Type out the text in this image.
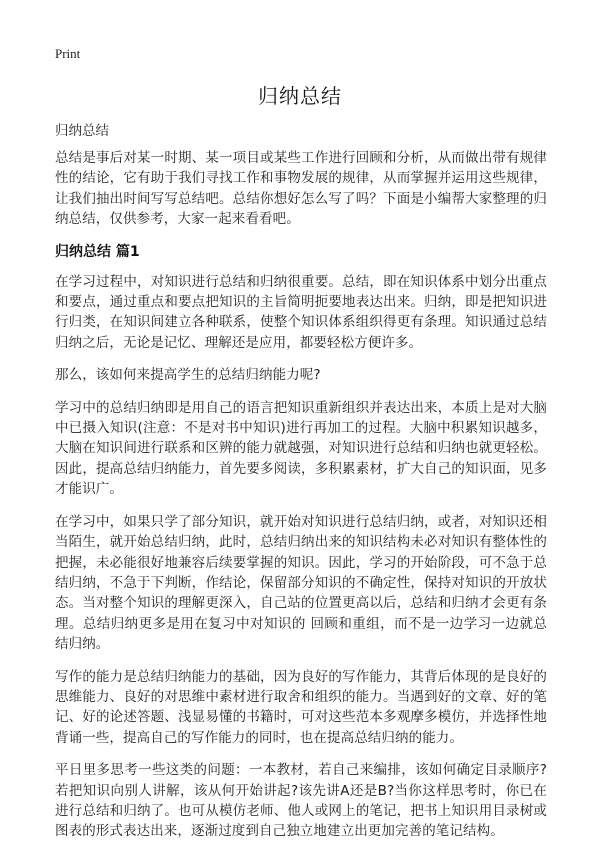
Print
归纳总结
归纳总结

总结是事后对某一时期、某一项目或某些工作进行回顾和分析，从而做出带有规律性的结论，它有助于我们寻找工作和事物发展的规律，从而掌握并运用这些规律，让我们抽出时间写写总结吧。总结你想好怎么写了吗？下面是小编帮大家整理的归纳总结，仅供参考，大家一起来看看吧。

归纳总结 篇1

在学习过程中，对知识进行总结和归纳很重要。总结，即在知识体系中划分出重点和要点，通过重点和要点把知识的主旨简明扼要地表达出来。归纳，即是把知识进行归类，在知识间建立各种联系，使整个知识体系组织得更有条理。知识通过总结归纳之后，无论是记忆、理解还是应用，都要轻松方便许多。

那么，该如何来提高学生的总结归纳能力呢?

学习中的总结归纳即是用自己的语言把知识重新组织并表达出来，本质上是对大脑中已摄入知识(注意：不是对书中知识)进行再加工的过程。大脑中积累知识越多，大脑在知识间进行联系和区辨的能力就越强，对知识进行总结和归纳也就更轻松。因此，提高总结归纳能力，首先要多阅读，多积累素材，扩大自己的知识面，见多才能识广。

在学习中，如果只学了部分知识，就开始对知识进行总结归纳，或者，对知识还相当陌生，就开始总结归纳，此时，总结归纳出来的知识结构未必对知识有整体性的把握，未必能很好地兼容后续要掌握的知识。因此，学习的开始阶段，可不急于总结归纳，不急于下判断，作结论，保留部分知识的不确定性，保持对知识的开放状态。当对整个知识的理解更深入，自己站的位置更高以后，总结和归纳才会更有条理。总结归纳更多是用在复习中对知识的 回顾和重组，而不是一边学习一边就总结归纳。

写作的能力是总结归纳能力的基础，因为良好的写作能力，其背后体现的是良好的思维能力、良好的对思维中素材进行取舍和组织的能力。当遇到好的文章、好的笔记、好的论述答题、浅显易懂的书籍时，可对这些范本多观摩多模仿，并选择性地背诵一些，提高自己的写作能力的同时，也在提高总结归纳的能力。

平日里多思考一些这类的问题：一本教材，若自己来编排，该如何确定目录顺序?若把知识向别人讲解，该从何开始讲起?该先讲A还是B?当你这样思考时，你已在进行总结和归纳了。也可从模仿老师、他人或网上的笔记，把书上知识用目录树或图表的形式表达出来，逐渐过度到自己独立地建立出更加完善的笔记结构。
